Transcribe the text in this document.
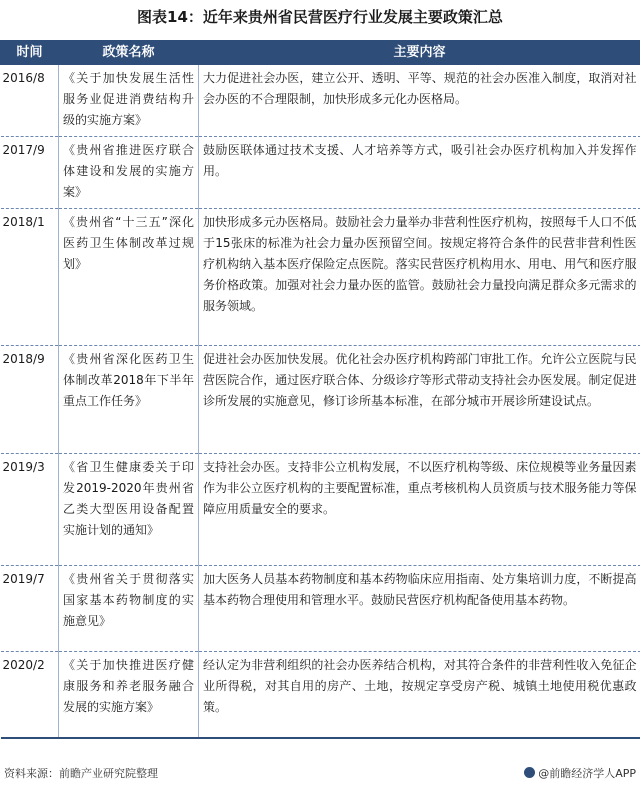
图表14：近年来贵州省民营医疗行业发展主要政策汇总
时间	政策名称	主要内容
2016/8	《关于加快发展生活性服务业促进消费结构升级的实施方案》	大力促进社会办医，建立公开、透明、平等、规范的社会办医准入制度，取消对社会办医的不合理限制，加快形成多元化办医格局。
2017/9	《贵州省推进医疗联合体建设和发展的实施方案》	鼓励医联体通过技术支援、人才培养等方式，吸引社会办医疗机构加入并发挥作用。
2018/1	《贵州省“十三五”深化医药卫生体制改革过规划》	加快形成多元办医格局。鼓励社会力量举办非营利性医疗机构，按照每千人口不低于15张床的标准为社会力量办医预留空间。按规定将符合条件的民营非营利性医疗机构纳入基本医疗保险定点医院。落实民营医疗机构用水、用电、用气和医疗服务价格政策。加强对社会力量办医的监管。鼓励社会力量投向满足群众多元需求的服务领域。
2018/9	《贵州省深化医药卫生体制改革2018年下半年重点工作任务》	促进社会办医加快发展。优化社会办医疗机构跨部门审批工作。允许公立医院与民营医院合作，通过医疗联合体、分级诊疗等形式带动支持社会办医发展。制定促进诊所发展的实施意见，修订诊所基本标准，在部分城市开展诊所建设试点。
2019/3	《省卫生健康委关于印发2019-2020年贵州省乙类大型医用设备配置实施计划的通知》	支持社会办医。支持非公立机构发展，不以医疗机构等级、床位规模等业务量因素作为非公立医疗机构的主要配置标准，重点考核机构人员资质与技术服务能力等保障应用质量安全的要求。
2019/7	《贵州省关于贯彻落实国家基本药物制度的实施意见》	加大医务人员基本药物制度和基本药物临床应用指南、处方集培训力度，不断提高基本药物合理使用和管理水平。鼓励民营医疗机构配备使用基本药物。
2020/2	《关于加快推进医疗健康服务和养老服务融合发展的实施方案》	经认定为非营利组织的社会办医养结合机构，对其符合条件的非营利性收入免征企业所得税，对其自用的房产、土地，按规定享受房产税、城镇土地使用税优惠政策。
资料来源：前瞻产业研究院整理	@前瞻经济学人APP
